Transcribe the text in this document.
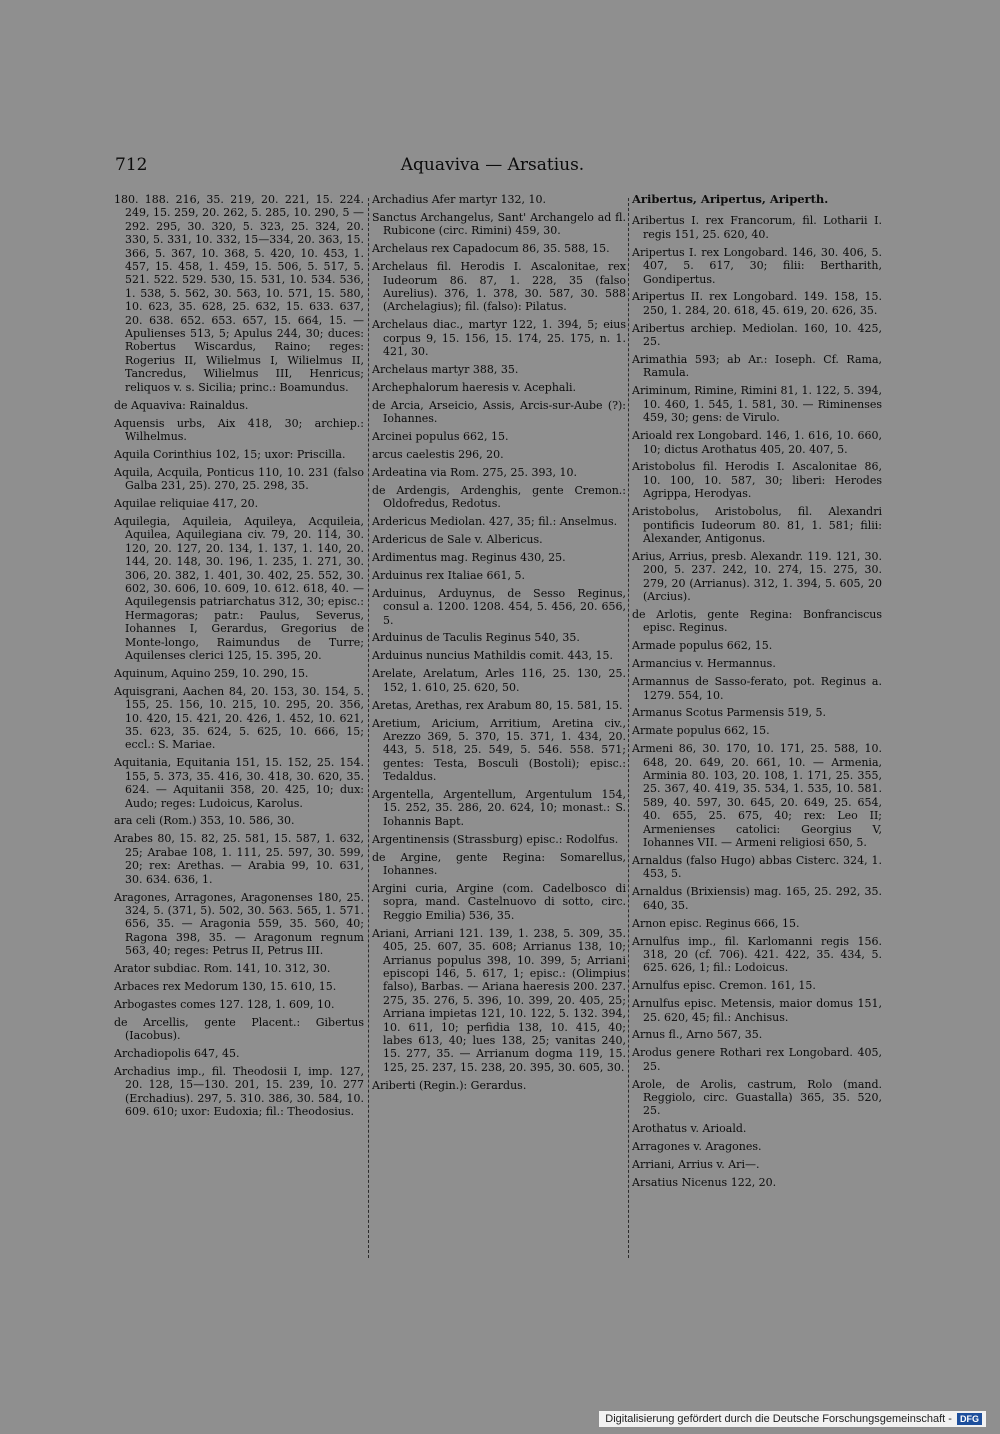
712	Aquaviva — Arsatius.

180. 188. 216, 35. 219, 20. 221, 15. 224. 249, 15. 259, 20. 262, 5. 285, 10. 290, 5 — 292. 295, 30. 320, 5. 323, 25. 324, 20. 330, 5. 331, 10. 332, 15—334, 20. 363, 15. 366, 5. 367, 10. 368, 5. 420, 10. 453, 1. 457, 15. 458, 1. 459, 15. 506, 5. 517, 5. 521. 522. 529. 530, 15. 531, 10. 534. 536, 1. 538, 5. 562, 30. 563, 10. 571, 15. 580, 10. 623, 35. 628, 25. 632, 15. 633. 637, 20. 638. 652. 653. 657, 15. 664, 15. — Apulienses 513, 5; Apulus 244, 30; duces: Robertus Wiscardus, Raino; reges: Rogerius II, Wilielmus I, Wilielmus II, Tancredus, Wilielmus III, Henricus; reliquos v. s. Sicilia; princ.: Boamundus.

de Aquaviva: Rainaldus.

Aquensis urbs, Aix 418, 30; archiep.: Wilhelmus.

Aquila Corinthius 102, 15; uxor: Priscilla.

Aquila, Acquila, Ponticus 110, 10. 231 (falso Galba 231, 25). 270, 25. 298, 35.

Aquilae reliquiae 417, 20.

Aquilegia, Aquileia, Aquileya, Acquileia, Aquilea, Aquilegiana civ. 79, 20. 114, 30. 120, 20. 127, 20. 134, 1. 137, 1. 140, 20. 144, 20. 148, 30. 196, 1. 235, 1. 271, 30. 306, 20. 382, 1. 401, 30. 402, 25. 552, 30. 602, 30. 606, 10. 609, 10. 612. 618, 40. — Aquilegensis patriarchatus 312, 30; episc.: Hermagoras; patr.: Paulus, Severus, Iohannes I, Gerardus, Gregorius de Monte-longo, Raimundus de Turre; Aquilenses clerici 125, 15. 395, 20.

Aquinum, Aquino 259, 10. 290, 15.

Aquisgrani, Aachen 84, 20. 153, 30. 154, 5. 155, 25. 156, 10. 215, 10. 295, 20. 356, 10. 420, 15. 421, 20. 426, 1. 452, 10. 621, 35. 623, 35. 624, 5. 625, 10. 666, 15; eccl.: S. Mariae.

Aquitania, Equitania 151, 15. 152, 25. 154. 155, 5. 373, 35. 416, 30. 418, 30. 620, 35. 624. — Aquitanii 358, 20. 425, 10; dux: Audo; reges: Ludoicus, Karolus.

ara celi (Rom.) 353, 10. 586, 30.

Arabes 80, 15. 82, 25. 581, 15. 587, 1. 632, 25; Arabae 108, 1. 111, 25. 597, 30. 599, 20; rex: Arethas. — Arabia 99, 10. 631, 30. 634. 636, 1.

Aragones, Arragones, Aragonenses 180, 25. 324, 5. (371, 5). 502, 30. 563. 565, 1. 571. 656, 35. — Aragonia 559, 35. 560, 40; Ragona 398, 35. — Aragonum regnum 563, 40; reges: Petrus II, Petrus III.

Arator subdiac. Rom. 141, 10. 312, 30.

Arbaces rex Medorum 130, 15. 610, 15.

Arbogastes comes 127. 128, 1. 609, 10.

de Arcellis, gente Placent.: Gibertus (Iacobus).

Archadiopolis 647, 45.

Archadius imp., fil. Theodosii I, imp. 127, 20. 128, 15—130. 201, 15. 239, 10. 277 (Erchadius). 297, 5. 310. 386, 30. 584, 10. 609. 610; uxor: Eudoxia; fil.: Theodosius.

Archadius Afer martyr 132, 10.

Sanctus Archangelus, Sant' Archangelo ad fl. Rubicone (circ. Rimini) 459, 30.

Archelaus rex Capadocum 86, 35. 588, 15.

Archelaus fil. Herodis I. Ascalonitae, rex Iudeorum 86. 87, 1. 228, 35 (falso Aurelius). 376, 1. 378, 30. 587, 30. 588 (Archelagius); fil. (falso): Pilatus.

Archelaus diac., martyr 122, 1. 394, 5; eius corpus 9, 15. 156, 15. 174, 25. 175, n. 1. 421, 30.

Archelaus martyr 388, 35.

Archephalorum haeresis v. Acephali.

de Arcia, Arseicio, Assis, Arcis-sur-Aube (?): Iohannes.

Arcinei populus 662, 15.

arcus caelestis 296, 20.

Ardeatina via Rom. 275, 25. 393, 10.

de Ardengis, Ardenghis, gente Cremon.: Oldofredus, Redotus.

Ardericus Mediolan. 427, 35; fil.: Anselmus.

Ardericus de Sale v. Albericus.

Ardimentus mag. Reginus 430, 25.

Arduinus rex Italiae 661, 5.

Arduinus, Arduynus, de Sesso Reginus, consul a. 1200. 1208. 454, 5. 456, 20. 656, 5.

Arduinus de Taculis Reginus 540, 35.

Arduinus nuncius Mathildis comit. 443, 15.

Arelate, Arelatum, Arles 116, 25. 130, 25. 152, 1. 610, 25. 620, 50.

Aretas, Arethas, rex Arabum 80, 15. 581, 15.

Aretium, Aricium, Arritium, Aretina civ., Arezzo 369, 5. 370, 15. 371, 1. 434, 20. 443, 5. 518, 25. 549, 5. 546. 558. 571; gentes: Testa, Bosculi (Bostoli); episc.: Tedaldus.

Argentella, Argentellum, Argentulum 154, 15. 252, 35. 286, 20. 624, 10; monast.: S. Iohannis Bapt.

Argentinensis (Strassburg) episc.: Rodolfus.

de Argine, gente Regina: Somarellus, Iohannes.

Argini curia, Argine (com. Cadelbosco di sopra, mand. Castelnuovo di sotto, circ. Reggio Emilia) 536, 35.

Ariani, Arriani 121. 139, 1. 238, 5. 309, 35. 405, 25. 607, 35. 608; Arrianus 138, 10; Arrianus populus 398, 10. 399, 5; Arriani episcopi 146, 5. 617, 1; episc.: (Olimpius falso), Barbas. — Ariana haeresis 200. 237. 275, 35. 276, 5. 396, 10. 399, 20. 405, 25; Arriana impietas 121, 10. 122, 5. 132. 394, 10. 611, 10; perfidia 138, 10. 415, 40; labes 613, 40; lues 138, 25; vanitas 240, 15. 277, 35. — Arrianum dogma 119, 15. 125, 25. 237, 15. 238, 20. 395, 30. 605, 30.

Ariberti (Regin.): Gerardus.

Aribertus, Aripertus, Ariperth.

Aribertus I. rex Francorum, fil. Lotharii I. regis 151, 25. 620, 40.

Aripertus I. rex Longobard. 146, 30. 406, 5. 407, 5. 617, 30; filii: Bertharith, Gondipertus.

Aripertus II. rex Longobard. 149. 158, 15. 250, 1. 284, 20. 618, 45. 619, 20. 626, 35.

Aribertus archiep. Mediolan. 160, 10. 425, 25.

Arimathia 593; ab Ar.: Ioseph. Cf. Rama, Ramula.

Ariminum, Rimine, Rimini 81, 1. 122, 5. 394, 10. 460, 1. 545, 1. 581, 30. — Riminenses 459, 30; gens: de Virulo.

Arioald rex Longobard. 146, 1. 616, 10. 660, 10; dictus Arothatus 405, 20. 407, 5.

Aristobolus fil. Herodis I. Ascalonitae 86, 10. 100, 10. 587, 30; liberi: Herodes Agrippa, Herodyas.

Aristobolus, Aristobolus, fil. Alexandri pontificis Iudeorum 80. 81, 1. 581; filii: Alexander, Antigonus.

Arius, Arrius, presb. Alexandr. 119. 121, 30. 200, 5. 237. 242, 10. 274, 15. 275, 30. 279, 20 (Arrianus). 312, 1. 394, 5. 605, 20 (Arcius).

de Arlotis, gente Regina: Bonfranciscus episc. Reginus.

Armade populus 662, 15.

Armancius v. Hermannus.

Armannus de Sasso-ferato, pot. Reginus a. 1279. 554, 10.

Armanus Scotus Parmensis 519, 5.

Armate populus 662, 15.

Armeni 86, 30. 170, 10. 171, 25. 588, 10. 648, 20. 649, 20. 661, 10. — Armenia, Arminia 80. 103, 20. 108, 1. 171, 25. 355, 25. 367, 40. 419, 35. 534, 1. 535, 10. 581. 589, 40. 597, 30. 645, 20. 649, 25. 654, 40. 655, 25. 675, 40; rex: Leo II; Armenienses catolici: Georgius V, Iohannes VII. — Armeni religiosi 650, 5.

Arnaldus (falso Hugo) abbas Cisterc. 324, 1. 453, 5.

Arnaldus (Brixiensis) mag. 165, 25. 292, 35. 640, 35.

Arnon episc. Reginus 666, 15.

Arnulfus imp., fil. Karlomanni regis 156. 318, 20 (cf. 706). 421. 422, 35. 434, 5. 625. 626, 1; fil.: Lodoicus.

Arnulfus episc. Cremon. 161, 15.

Arnulfus episc. Metensis, maior domus 151, 25. 620, 45; fil.: Anchisus.

Arnus fl., Arno 567, 35.

Arodus genere Rothari rex Longobard. 405, 25.

Arole, de Arolis, castrum, Rolo (mand. Reggiolo, circ. Guastalla) 365, 35. 520, 25.

Arothatus v. Arioald.

Arragones v. Aragones.

Arriani, Arrius v. Ari—.

Arsatius Nicenus 122, 20.

Digitalisierung gefördert durch die Deutsche Forschungsgemeinschaft - DFG
